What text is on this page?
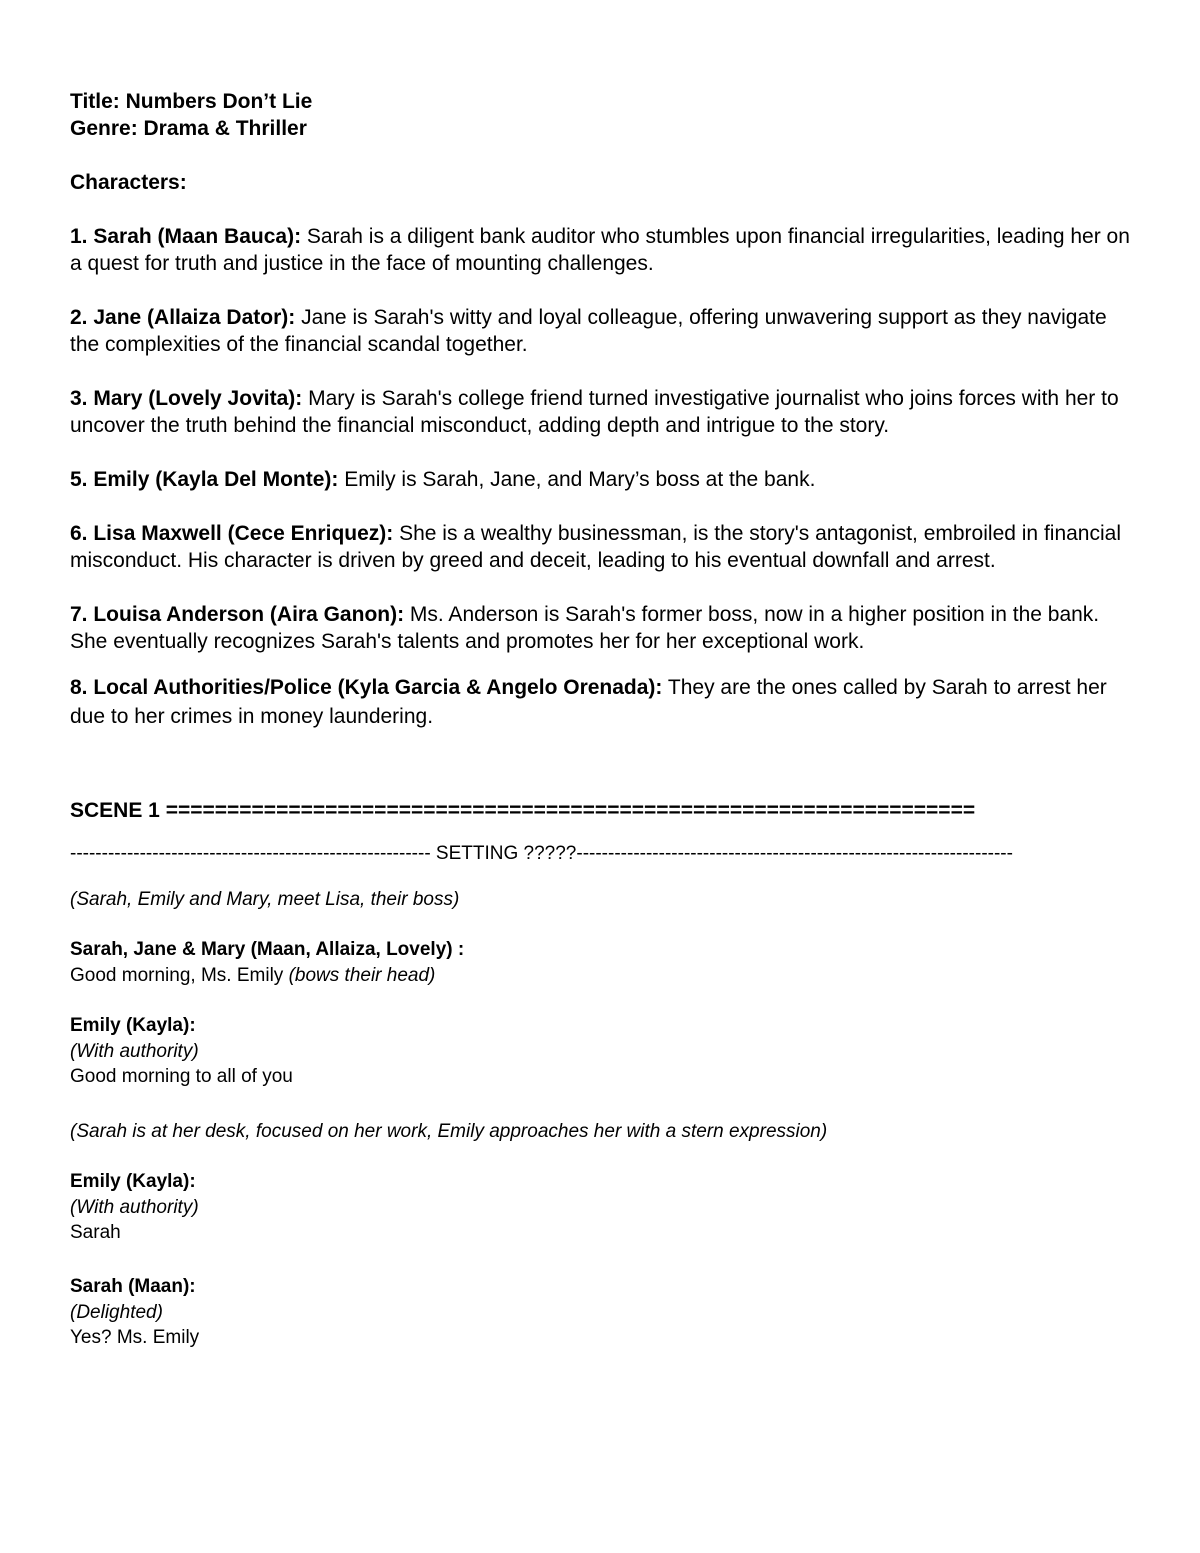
Title: Numbers Don’t Lie

Genre: Drama & Thriller

Characters:

1. Sarah (Maan Bauca): Sarah is a diligent bank auditor who stumbles upon financial irregularities, leading her on a quest for truth and justice in the face of mounting challenges.

2. Jane (Allaiza Dator): Jane is Sarah's witty and loyal colleague, offering unwavering support as they navigate the complexities of the financial scandal together.

3. Mary (Lovely Jovita): Mary is Sarah's college friend turned investigative journalist who joins forces with her to uncover the truth behind the financial misconduct, adding depth and intrigue to the story.

5. Emily (Kayla Del Monte): Emily is Sarah, Jane, and Mary’s boss at the bank.

6. Lisa Maxwell (Cece Enriquez): She is a wealthy businessman, is the story's antagonist, embroiled in financial misconduct. His character is driven by greed and deceit, leading to his eventual downfall and arrest.

7. Louisa Anderson (Aira Ganon): Ms. Anderson is Sarah's former boss, now in a higher position in the bank. She eventually recognizes Sarah's talents and promotes her for her exceptional work.

8. Local Authorities/Police (Kyla Garcia & Angelo Orenada): They are the ones called by Sarah to arrest her due to her crimes in money laundering.

SCENE 1 ==================================================================

--------------------------------------------------------- SETTING ?????---------------------------------------------------------------------

(Sarah, Emily and Mary, meet Lisa, their boss)

Sarah, Jane & Mary (Maan, Allaiza, Lovely) :

Good morning, Ms. Emily (bows their head)

Emily (Kayla):

(With authority)

Good morning to all of you

(Sarah is at her desk, focused on her work, Emily approaches her with a stern expression)

Emily (Kayla):

(With authority)

Sarah

Sarah (Maan):

(Delighted)

Yes? Ms. Emily
